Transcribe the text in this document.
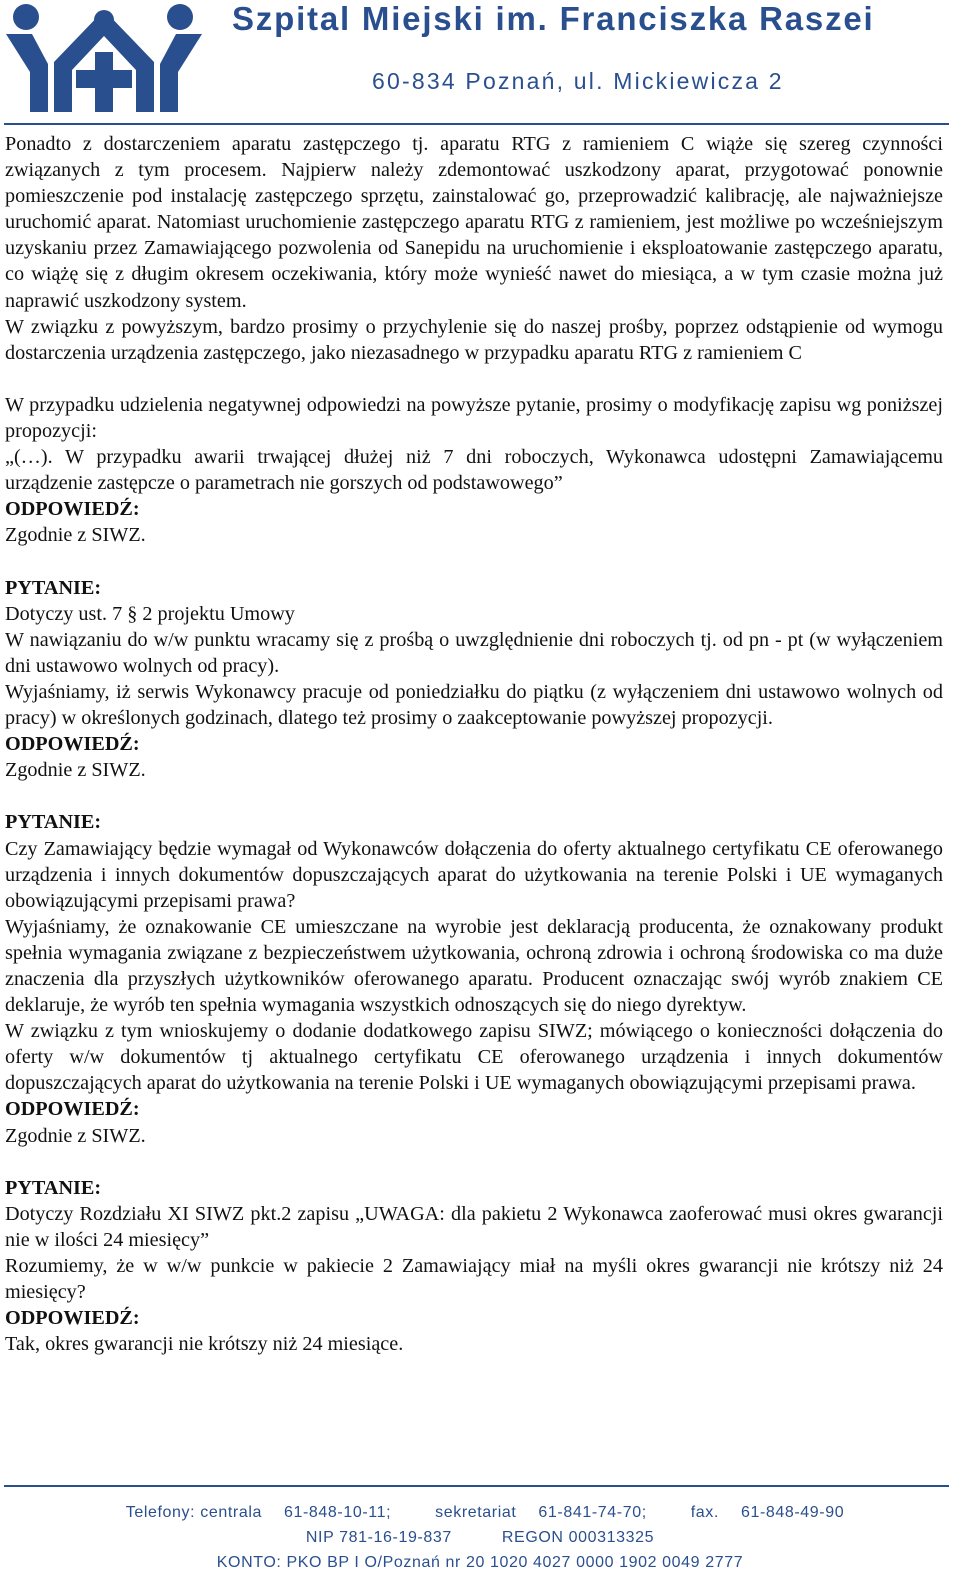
Szpital Miejski im. Franciszka Raszei
60-834 Poznań, ul. Mickiewicza 2

Ponadto z dostarczeniem aparatu zastępczego tj. aparatu RTG z ramieniem C wiąże się szereg czynności związanych z tym procesem. Najpierw należy zdemontować uszkodzony aparat, przygotować ponownie pomieszczenie pod instalację zastępczego sprzętu, zainstalować go, przeprowadzić kalibrację, ale najważniejsze uruchomić aparat. Natomiast uruchomienie zastępczego aparatu RTG z ramieniem, jest możliwe po wcześniejszym uzyskaniu przez Zamawiającego pozwolenia od Sanepidu na uruchomienie i eksploatowanie zastępczego aparatu, co wiążę się z długim okresem oczekiwania, który może wynieść nawet do miesiąca, a w tym czasie można już naprawić uszkodzony system.

W związku z powyższym, bardzo prosimy o przychylenie się do naszej prośby, poprzez odstąpienie od wymogu dostarczenia urządzenia zastępczego, jako niezasadnego w przypadku aparatu RTG z ramieniem C

W przypadku udzielenia negatywnej odpowiedzi na powyższe pytanie, prosimy o modyfikację zapisu wg poniższej propozycji:

„(…). W przypadku awarii trwającej dłużej niż 7 dni roboczych, Wykonawca udostępni Zamawiającemu urządzenie zastępcze o parametrach nie gorszych od podstawowego”

ODPOWIEDŹ:

Zgodnie z SIWZ.

PYTANIE:

Dotyczy ust. 7 § 2 projektu Umowy

W nawiązaniu do w/w punktu wracamy się z prośbą o uwzględnienie dni roboczych tj. od pn - pt (w wyłączeniem dni ustawowo wolnych od pracy).

Wyjaśniamy, iż serwis Wykonawcy pracuje od poniedziałku do piątku (z wyłączeniem dni ustawowo wolnych od pracy) w określonych godzinach, dlatego też prosimy o zaakceptowanie powyższej propozycji.

ODPOWIEDŹ:

Zgodnie z SIWZ.

PYTANIE:

Czy Zamawiający będzie wymagał od Wykonawców dołączenia do oferty aktualnego certyfikatu CE oferowanego urządzenia i innych dokumentów dopuszczających aparat do użytkowania na terenie Polski i UE wymaganych obowiązującymi przepisami prawa?

Wyjaśniamy, że oznakowanie CE umieszczane na wyrobie jest deklaracją producenta, że oznakowany produkt spełnia wymagania związane z bezpieczeństwem użytkowania, ochroną zdrowia i ochroną środowiska co ma duże znaczenia dla przyszłych użytkowników oferowanego aparatu. Producent oznaczając swój wyrób znakiem CE deklaruje, że wyrób ten spełnia wymagania wszystkich odnoszących się do niego dyrektyw.

W związku z tym wnioskujemy o dodanie dodatkowego zapisu SIWZ; mówiącego o konieczności dołączenia do oferty w/w dokumentów tj aktualnego certyfikatu CE oferowanego urządzenia i innych dokumentów dopuszczających aparat do użytkowania na terenie Polski i UE wymaganych obowiązującymi przepisami prawa.

ODPOWIEDŹ:

Zgodnie z SIWZ.

PYTANIE:

Dotyczy Rozdziału XI SIWZ pkt.2 zapisu „UWAGA: dla pakietu 2 Wykonawca zaoferować musi okres gwarancji nie w ilości 24 miesięcy”

Rozumiemy, że w w/w punkcie w pakiecie 2 Zamawiający miał na myśli okres gwarancji nie krótszy niż 24 miesięcy?

ODPOWIEDŹ:

Tak, okres gwarancji nie krótszy niż 24 miesiące.

Telefony: centrala 61-848-10-11;	sekretariat 61-841-74-70;	fax. 61-848-49-90
NIP 781-16-19-837	REGON 000313325
KONTO: PKO BP I O/Poznań nr 20 1020 4027 0000 1902 0049 2777
